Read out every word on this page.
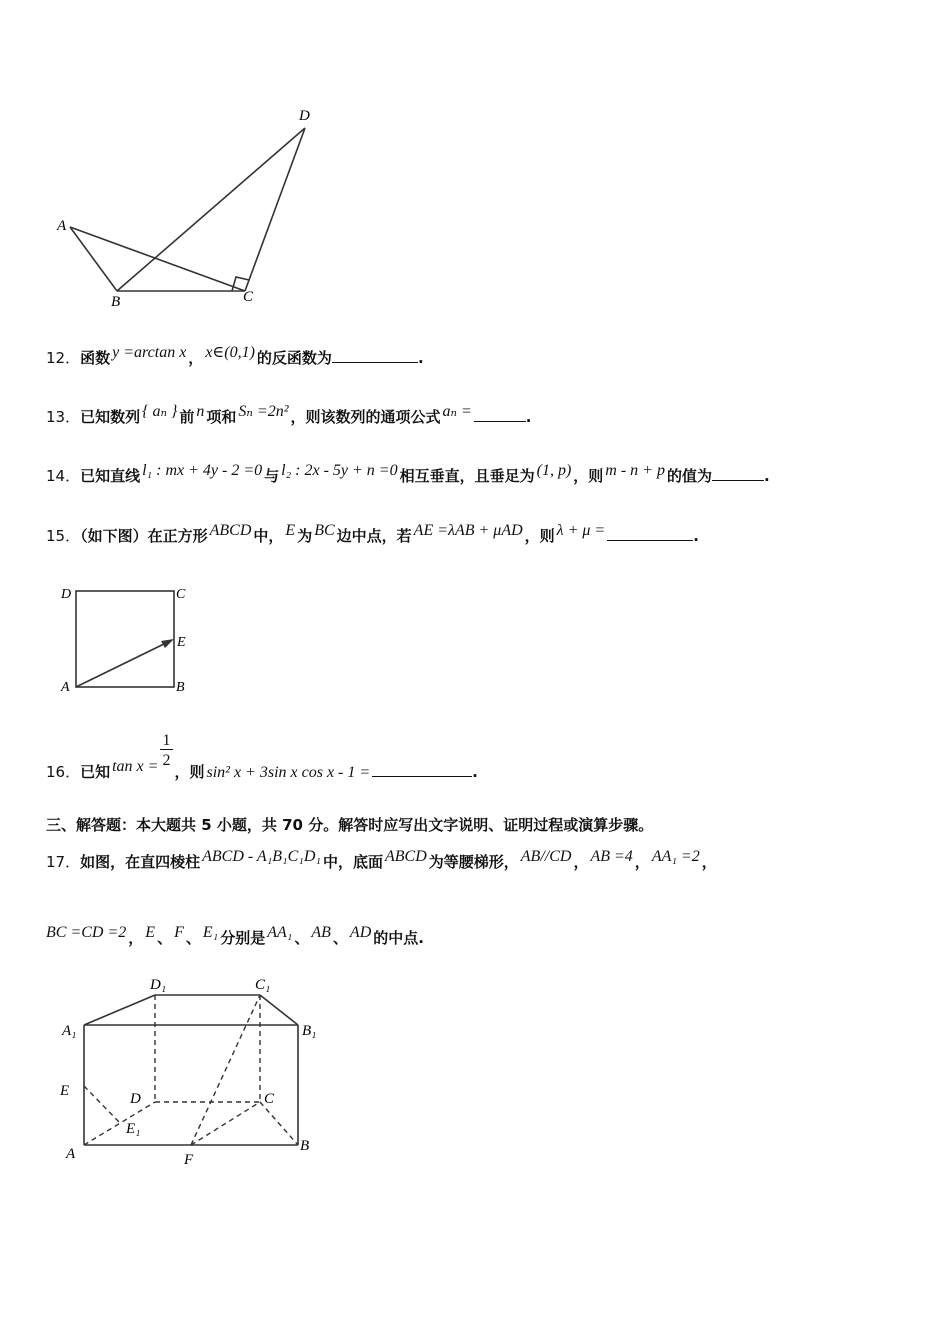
A
B	C
D
12．函数 y =arctan x ， x∈(0,1) 的反函数为	.
13．已知数列 { aₙ } 前 n 项和 Sₙ =2n² ，则该数列的通项公式 aₙ =	.
14．已知直线 l₁ : mx + 4y - 2 =0 与 l₂ : 2x - 5y + n =0 相互垂直，且垂足为 (1, p) ，则 m - n + p 的值为	.
15．（如下图）在正方形 ABCD 中， E 为 BC 边中点，若 AE =λAB + μAD ，则 λ + μ =	.
D	C
E
A	B
16．已知 $\tan x = \frac{1}{2}$ ，则 sin² x + 3sin x cos x - 1 =	.
三、解答题：本大题共 5 小题，共 70 分。解答时应写出文字说明、证明过程或演算步骤。
17．如图，在直四棱柱 ABCD - A₁B₁C₁D₁ 中，底面 ABCD 为等腰梯形， AB//CD ， AB =4 ， AA₁ =2 ，
BC =CD =2 ， E 、 F 、 E₁ 分别是 AA₁ 、 AB 、 AD 的中点.
D₁	C₁
A₁	B₁
E	D	C
E₁
A	F
B
